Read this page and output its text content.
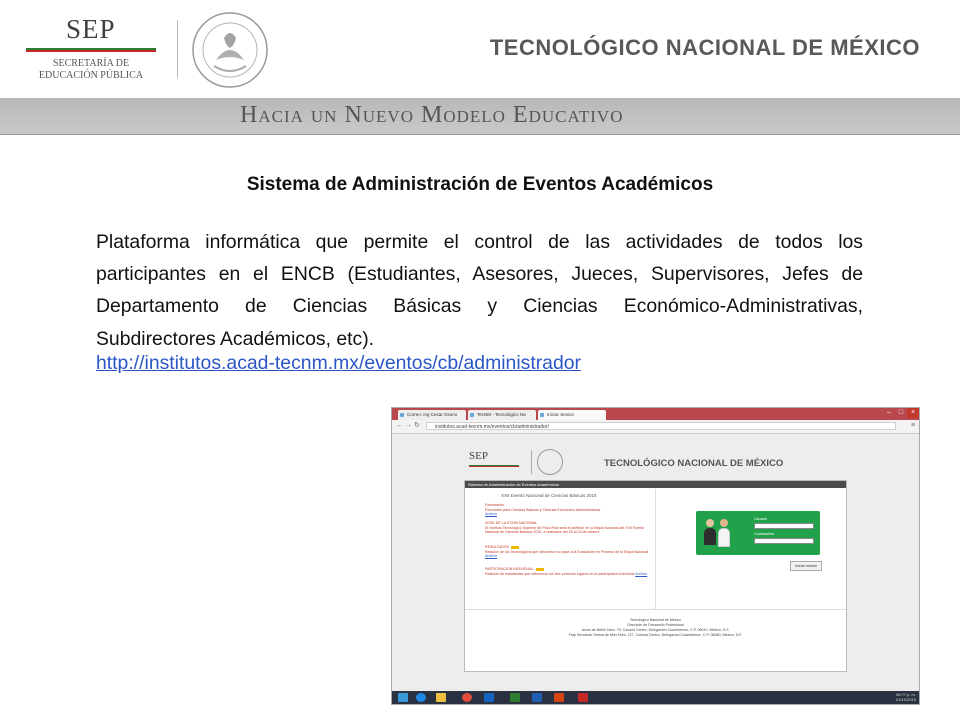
SEP
SECRETARÍA DE
EDUCACIÓN PÚBLICA
TECNOLÓGICO NACIONAL DE MÉXICO
Hacia un Nuevo Modelo Educativo
Sistema de Administración de Eventos Académicos
Plataforma informática que permite el control de las actividades de todos los participantes en el ENCB (Estudiantes, Asesores, Jueces, Supervisores, Jefes de Departamento de Ciencias Básicas y Ciencias Económico-Administrativas, Subdirectores Académicos, etc).
http://institutos.acad-tecnm.mx/eventos/cb/administrador
Correo: Ing Cesar Osorio	TecNM - Tecnológico Na	Iniciar Sesion	– □ ×
← → ↻	institutos.acad-tecnm.mx/eventos/cb/administrador/	≡
SEP
TECNOLÓGICO NACIONAL DE MÉXICO
Sistema de Administración de Eventos Académicos
XXII Evento Nacional de Ciencias Básicas 2015
Formularios
Formulario para Ciencias Básicas y Ciencias Económico Administrativas
Archivo
SEDE DE LA ETAPA NACIONAL
El Instituto Tecnológico Superior de Poza Rica será el anfitrión en la Etapa Nacional del XXII Evento Nacional de Ciencias Básicas 2015, a realizarse del 20 al 23 de octubre
RESULTADOS
Relación de los Tecnológicos que obtuvieron su pase a la Evaluación en Proceso de la Etapa Nacional Archivo
PARTICIPACION INDIVIDUAL
Relación de estudiantes que obtuvieron los tres primeros lugares en la participación individual Archivo
Usuario
Contraseña
Iniciar sesión
Tecnológico Nacional de México
Dirección de Desarrollo Profesional
Arcos de Belén Núm. 79, Colonia Centro, Delegación Cuauhtémoc, C.P. 06010, México, D.F.
Fray Servando Teresa de Mier Núm. 127, Colonia Centro, Delegación Cuauhtémoc, C.P. 06080, México, D.F.
06:?? p. m.
01/10/2015
